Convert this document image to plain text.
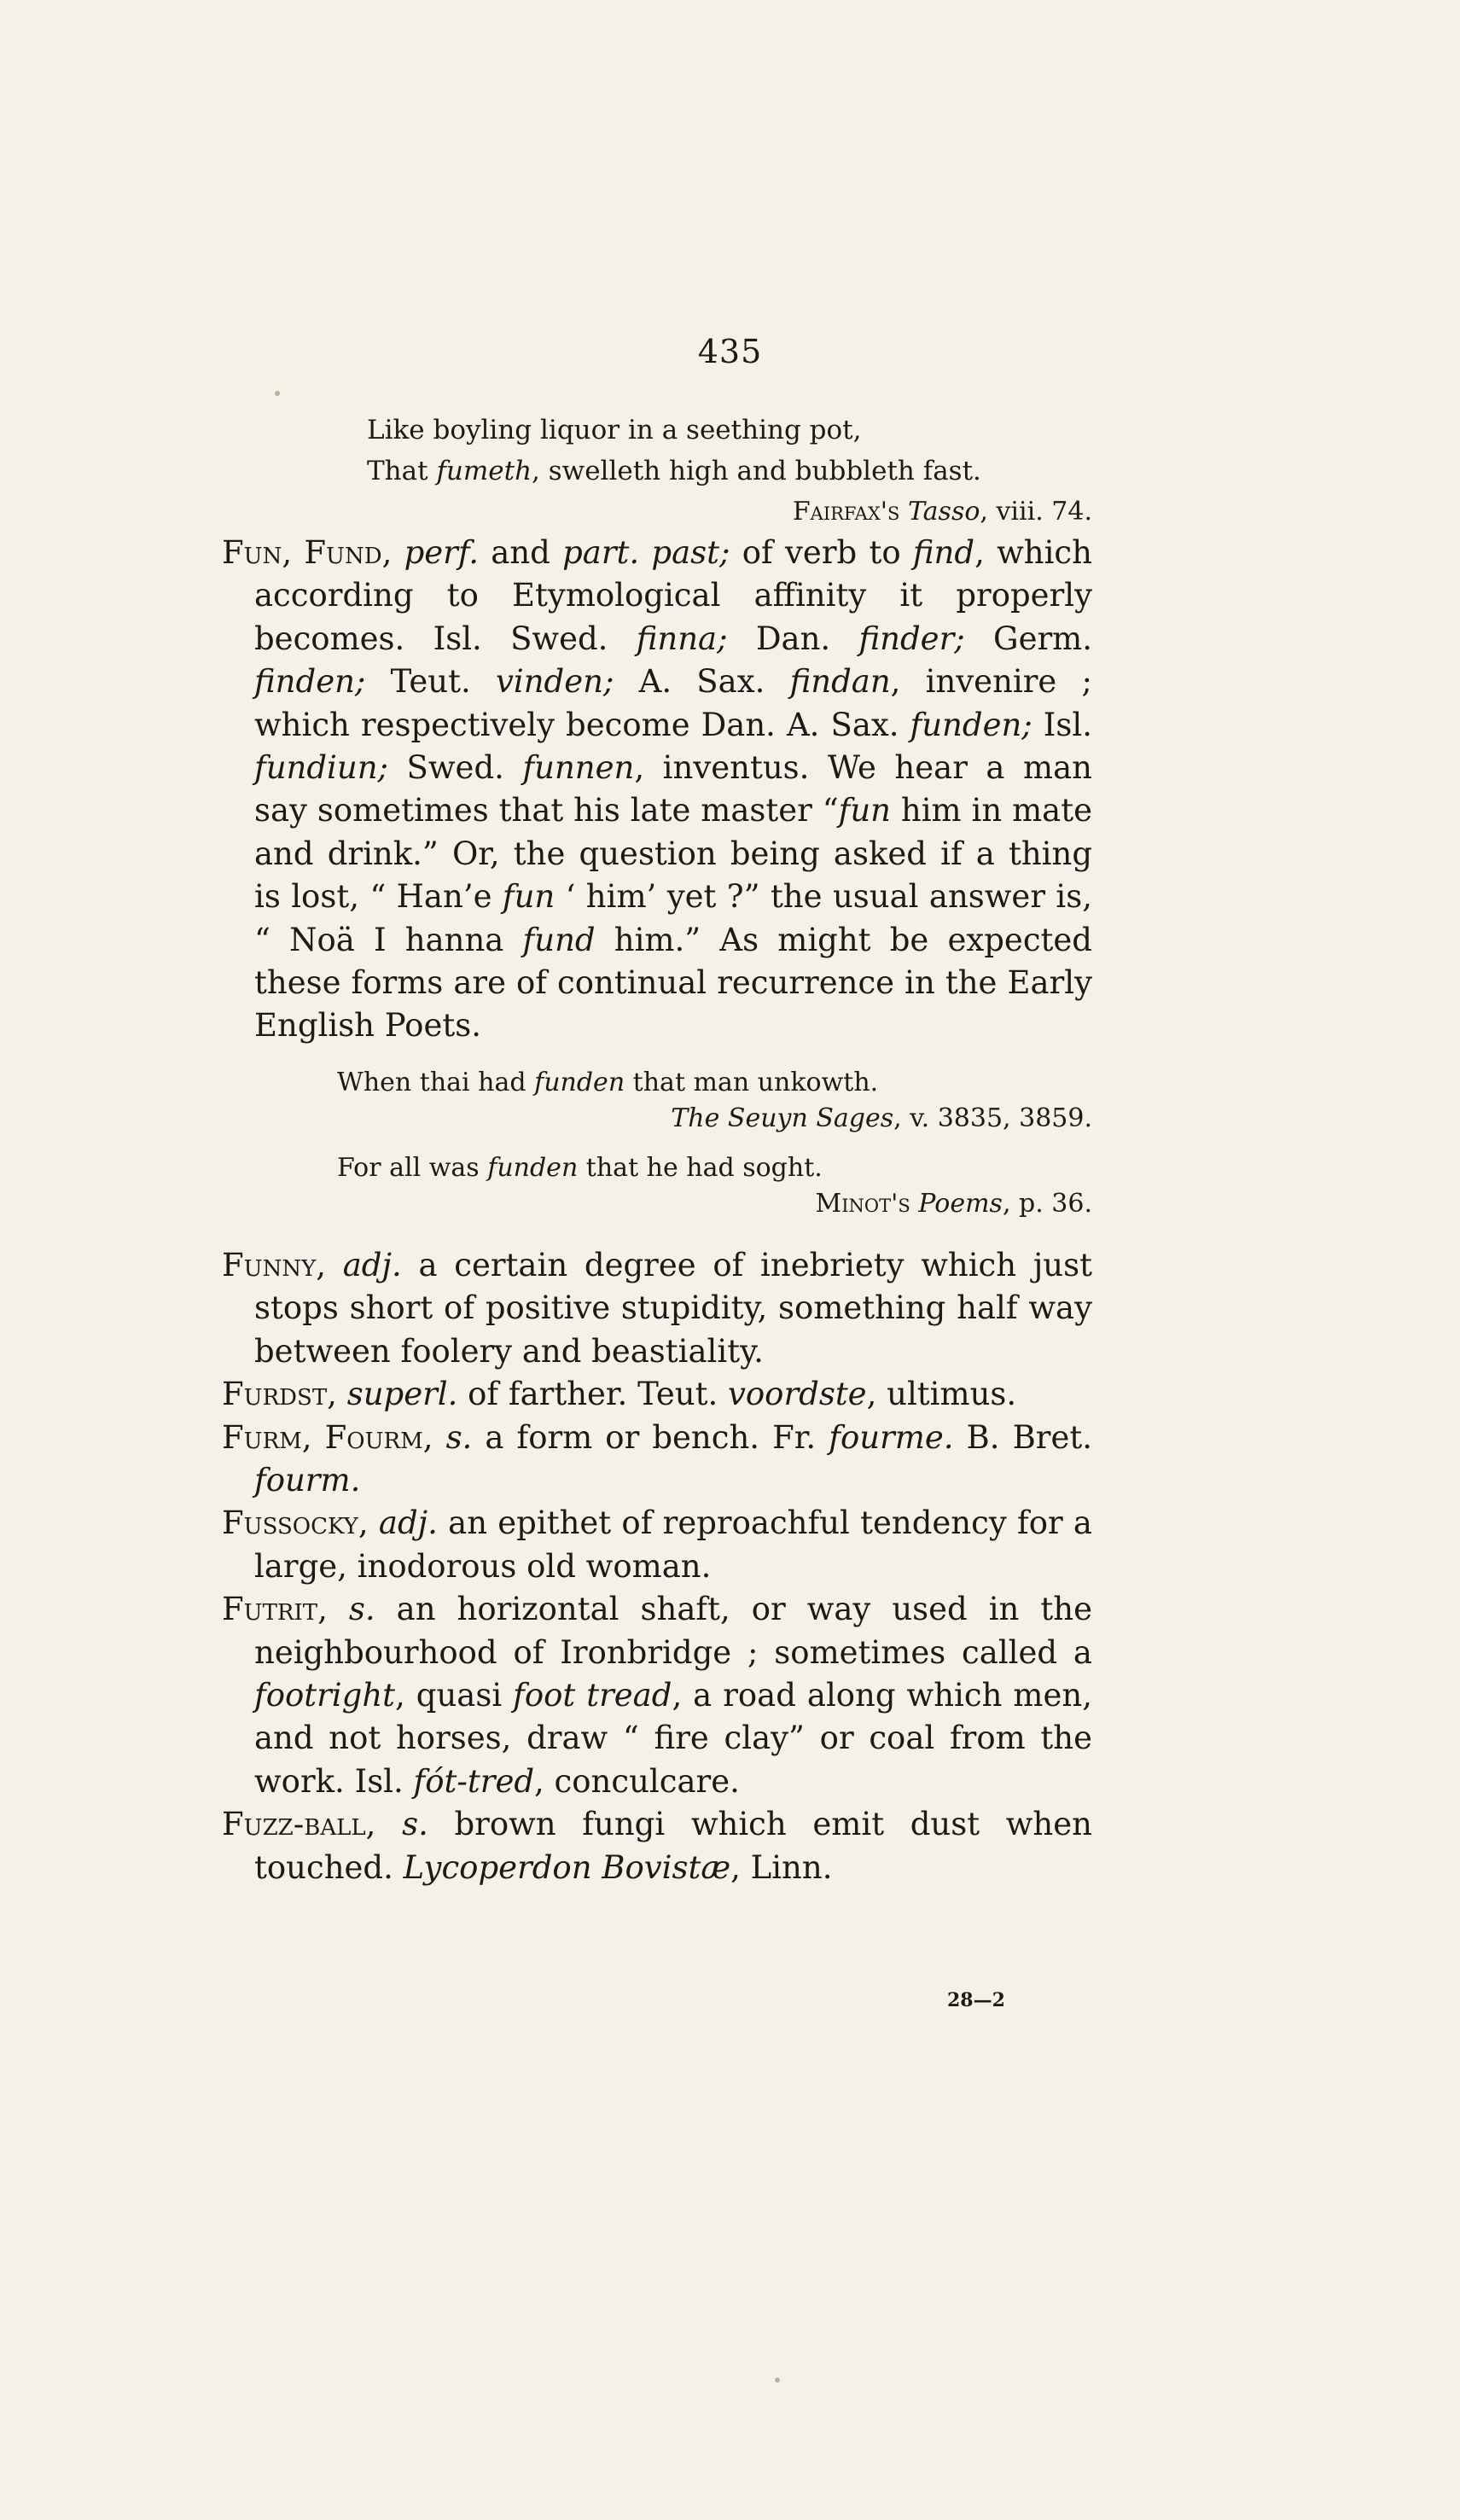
435
Like boyling liquor in a seething pot,
That fumeth, swelleth high and bubbleth fast.
Fairfax's Tasso, viii. 74.

Fun, Fund, perf. and part. past; of verb to find, which according to Etymological affinity it properly becomes. Isl. Swed. finna; Dan. finder; Germ. finden; Teut. vinden; A. Sax. findan, invenire ; which respectively become Dan. A. Sax. funden; Isl. fundiun; Swed. funnen, inventus. We hear a man say sometimes that his late master “fun him in mate and drink.” Or, the question being asked if a thing is lost, “ Han’e fun ‘ him’ yet ?” the usual answer is, “ Noä I hanna fund him.” As might be expected these forms are of continual recurrence in the Early English Poets.

When thai had funden that man unkowth.
The Seuyn Sages, v. 3835, 3859.
For all was funden that he had soght.
Minot's Poems, p. 36.

Funny, adj. a certain degree of inebriety which just stops short of positive stupidity, something half way between foolery and beastiality.

Furdst, superl. of farther. Teut. voordste, ultimus.

Furm, Fourm, s. a form or bench. Fr. fourme. B. Bret. fourm.

Fussocky, adj. an epithet of reproachful tendency for a large, inodorous old woman.

Futrit, s. an horizontal shaft, or way used in the neighbourhood of Ironbridge ; sometimes called a footright, quasi foot tread, a road along which men, and not horses, draw “ fire clay” or coal from the work. Isl. fót-tred, conculcare.

Fuzz-ball, s. brown fungi which emit dust when touched. Lycoperdon Bovistæ, Linn.

28—2
